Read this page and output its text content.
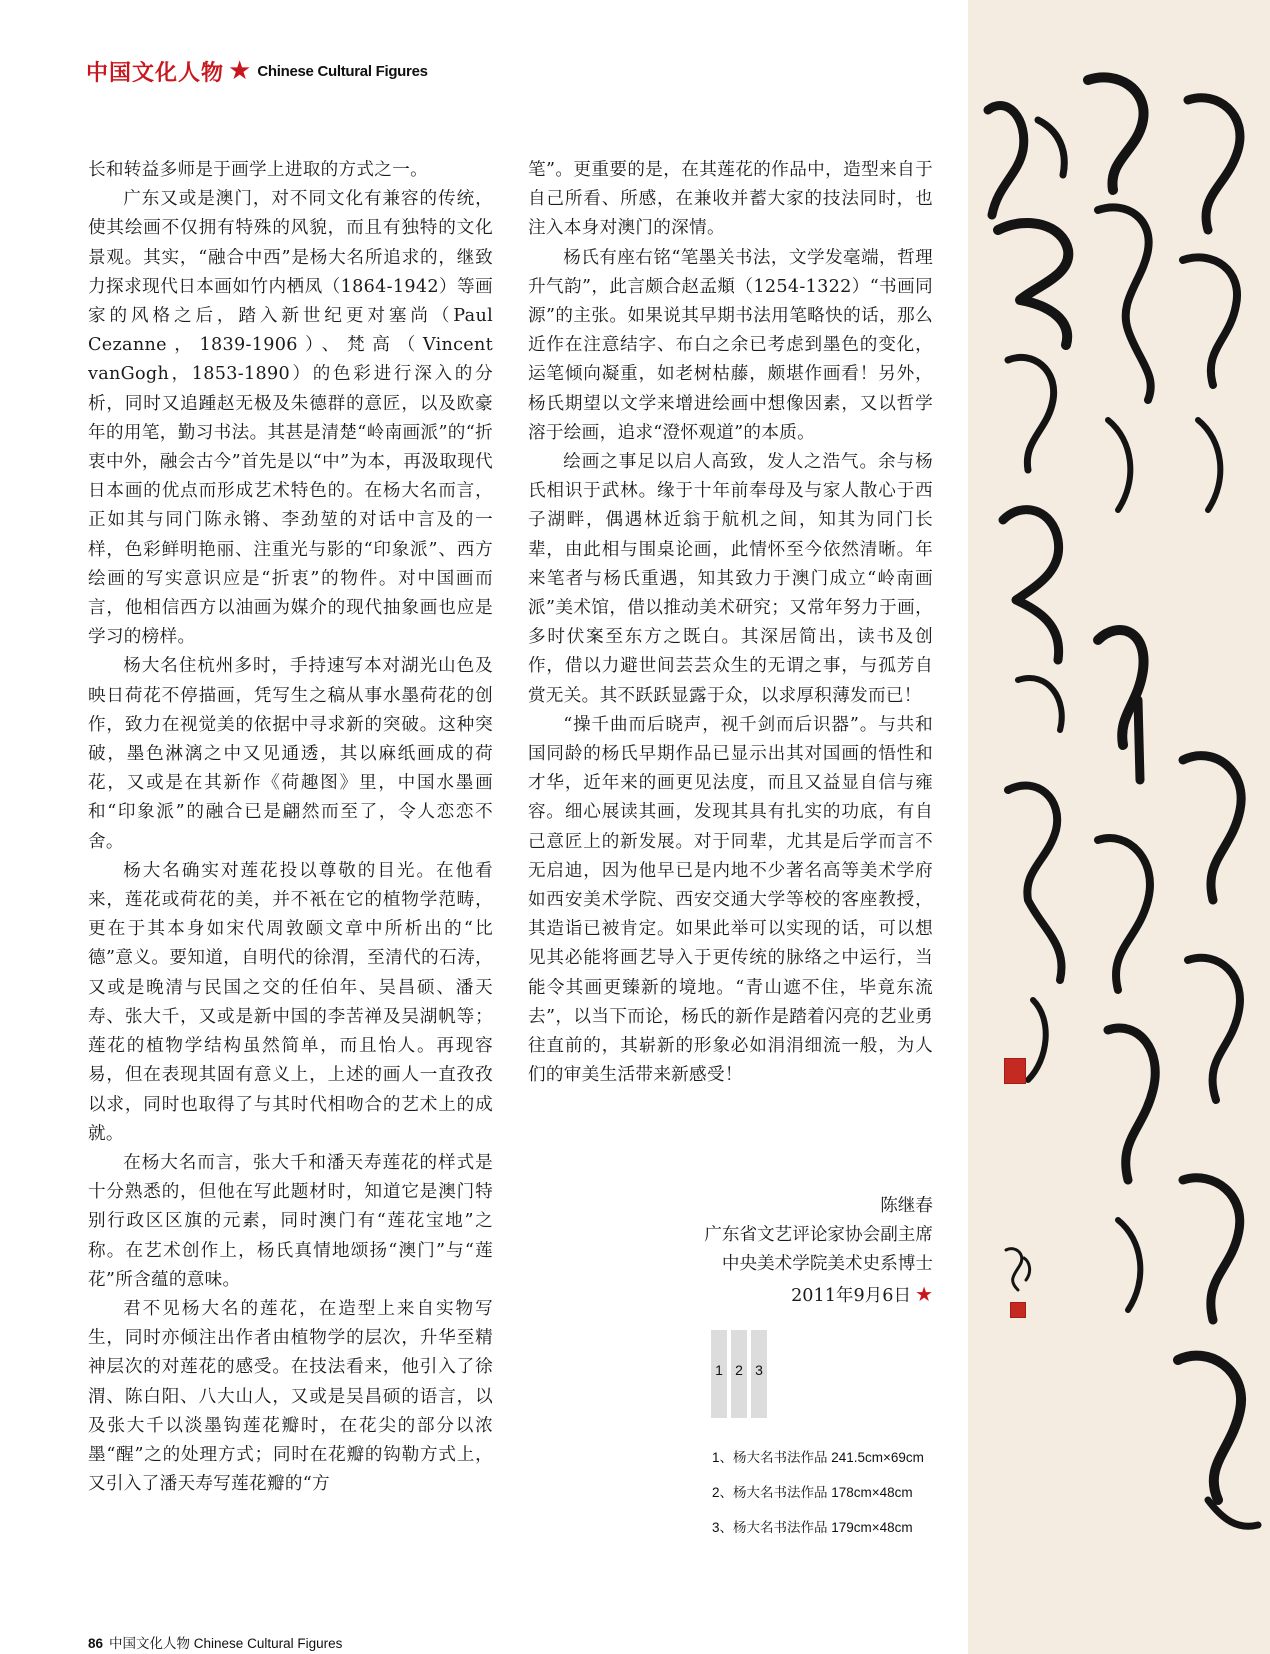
中国文化人物 ★ Chinese Cultural Figures

长和转益多师是于画学上进取的方式之一。

广东又或是澳门，对不同文化有兼容的传统，使其绘画不仅拥有特殊的风貌，而且有独特的文化景观。其实，“融合中西”是杨大名所追求的，继致力探求现代日本画如竹内栖凤（1864-1942）等画家的风格之后，踏入新世纪更对塞尚（Paul Cezanne，1839-1906）、梵高（Vincent vanGogh，1853-1890）的色彩进行深入的分析，同时又追踵赵无极及朱德群的意匠，以及欧豪年的用笔，勤习书法。其甚是清楚“岭南画派”的“折衷中外，融会古今”首先是以“中”为本，再汲取现代日本画的优点而形成艺术特色的。在杨大名而言，正如其与同门陈永锵、李劲堃的对话中言及的一样，色彩鲜明艳丽、注重光与影的“印象派”、西方绘画的写实意识应是“折衷”的物件。对中国画而言，他相信西方以油画为媒介的现代抽象画也应是学习的榜样。

杨大名住杭州多时，手持速写本对湖光山色及映日荷花不停描画，凭写生之稿从事水墨荷花的创作，致力在视觉美的依据中寻求新的突破。这种突破，墨色淋漓之中又见通透，其以麻纸画成的荷花，又或是在其新作《荷趣图》里，中国水墨画和“印象派”的融合已是翩然而至了，令人恋恋不舍。

杨大名确实对莲花投以尊敬的目光。在他看来，莲花或荷花的美，并不衹在它的植物学范畴，更在于其本身如宋代周敦颐文章中所析出的“比德”意义。要知道，自明代的徐渭，至清代的石涛，又或是晚清与民国之交的任伯年、吴昌硕、潘天寿、张大千，又或是新中国的李苦禅及吴湖帆等；莲花的植物学结构虽然简单，而且怡人。再现容易，但在表现其固有意义上，上述的画人一直孜孜以求，同时也取得了与其时代相吻合的艺术上的成就。

在杨大名而言，张大千和潘天寿莲花的样式是十分熟悉的，但他在写此题材时，知道它是澳门特别行政区区旗的元素，同时澳门有“莲花宝地”之称。在艺术创作上，杨氏真情地颂扬“澳门”与“莲花”所含蕴的意味。

君不见杨大名的莲花，在造型上来自实物写生，同时亦倾注出作者由植物学的层次，升华至精神层次的对莲花的感受。在技法看来，他引入了徐渭、陈白阳、八大山人，又或是吴昌硕的语言，以及张大千以淡墨钩莲花瓣时，在花尖的部分以浓墨“醒”之的处理方式；同时在花瓣的钩勒方式上，又引入了潘天寿写莲花瓣的“方

笔”。更重要的是，在其莲花的作品中，造型来自于自己所看、所感，在兼收并蓄大家的技法同时，也注入本身对澳门的深情。

杨氏有座右铭“笔墨关书法，文学发毫端，哲理升气韵”，此言颇合赵孟頫（1254-1322）“书画同源”的主张。如果说其早期书法用笔略快的话，那么近作在注意结字、布白之余已考虑到墨色的变化，运笔倾向凝重，如老树枯藤，颇堪作画看！另外，杨氏期望以文学来增进绘画中想像因素，又以哲学溶于绘画，追求“澄怀观道”的本质。

绘画之事足以启人高致，发人之浩气。余与杨氏相识于武林。缘于十年前奉母及与家人散心于西子湖畔，偶遇林近翁于航机之间，知其为同门长辈，由此相与围桌论画，此情怀至今依然清晰。年来笔者与杨氏重遇，知其致力于澳门成立“岭南画派”美术馆，借以推动美术研究；又常年努力于画，多时伏案至东方之既白。其深居简出，读书及创作，借以力避世间芸芸众生的无谓之事，与孤芳自赏无关。其不跃跃显露于众，以求厚积薄发而已！

“操千曲而后晓声，视千剑而后识器”。与共和国同龄的杨氏早期作品已显示出其对国画的悟性和才华，近年来的画更见法度，而且又益显自信与雍容。细心展读其画，发现其具有扎实的功底，有自己意匠上的新发展。对于同辈，尤其是后学而言不无启迪，因为他早已是内地不少著名高等美术学府如西安美术学院、西安交通大学等校的客座教授，其造诣已被肯定。如果此举可以实现的话，可以想见其必能将画艺导入于更传统的脉络之中运行，当能令其画更臻新的境地。“青山遮不住，毕竟东流去”，以当下而论，杨氏的新作是踏着闪亮的艺业勇往直前的，其崭新的形象必如涓涓细流一般，为人们的审美生活带来新感受！

陈继春
广东省文艺评论家协会副主席
中央美术学院美术史系博士
2011年9月6日 ★
1 2 3
1、杨大名书法作品 241.5cm×69cm
2、杨大名书法作品 178cm×48cm
3、杨大名书法作品 179cm×48cm
86 中国文化人物 Chinese Cultural Figures
